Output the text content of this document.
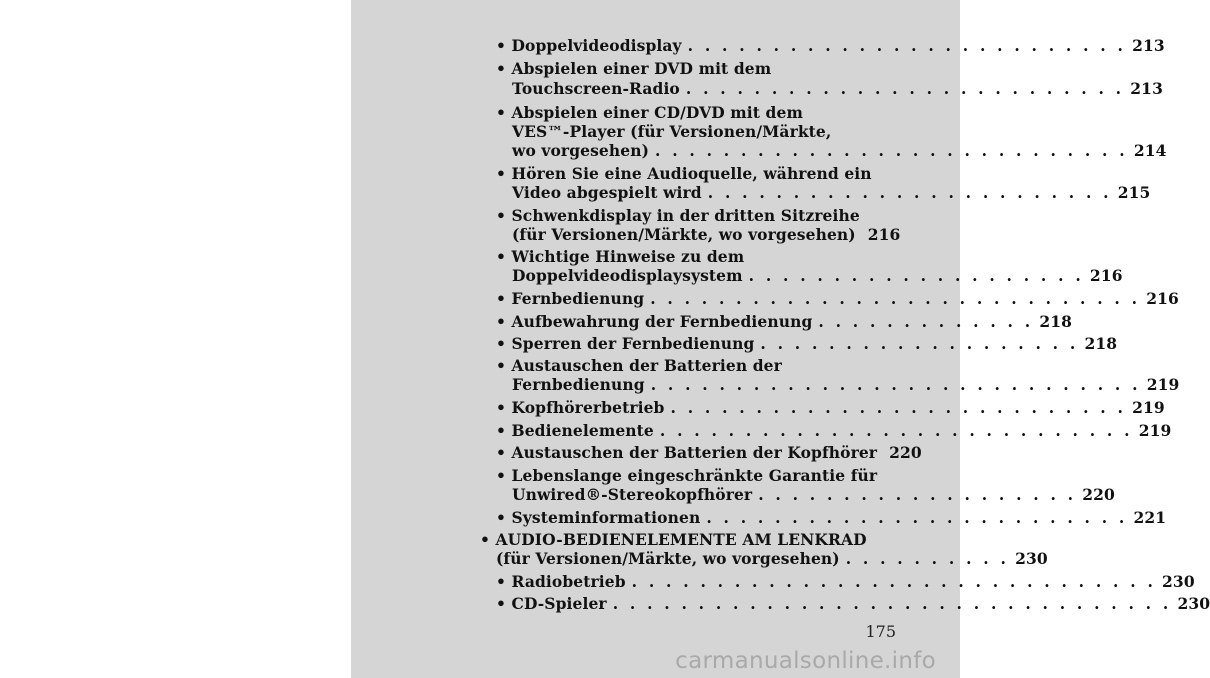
• Doppelvideodisplay . . . . . . . . . . . . . . . . . . . . . . . . . . 213
• Abspielen einer DVD mit dem
Touchscreen-Radio . . . . . . . . . . . . . . . . . . . . . . . . . . 213
• Abspielen einer CD/DVD mit dem
VES™-Player (für Versionen/Märkte,
wo vorgesehen) . . . . . . . . . . . . . . . . . . . . . . . . . . . . 214
• Hören Sie eine Audioquelle, während ein
Video abgespielt wird . . . . . . . . . . . . . . . . . . . . . . . . 215
• Schwenkdisplay in der dritten Sitzreihe
(für Versionen/Märkte, wo vorgesehen) 216
• Wichtige Hinweise zu dem
Doppelvideodisplaysystem . . . . . . . . . . . . . . . . . . . . 216
• Fernbedienung . . . . . . . . . . . . . . . . . . . . . . . . . . . . . 216
• Aufbewahrung der Fernbedienung . . . . . . . . . . . . . 218
• Sperren der Fernbedienung . . . . . . . . . . . . . . . . . . . 218
• Austauschen der Batterien der
Fernbedienung . . . . . . . . . . . . . . . . . . . . . . . . . . . . . 219
• Kopfhörerbetrieb . . . . . . . . . . . . . . . . . . . . . . . . . . . 219
• Bedienelemente . . . . . . . . . . . . . . . . . . . . . . . . . . . . 219
• Austauschen der Batterien der Kopfhörer 220
• Lebenslange eingeschränkte Garantie für
Unwired®-Stereokopfhörer . . . . . . . . . . . . . . . . . . . 220
• Systeminformationen . . . . . . . . . . . . . . . . . . . . . . . . . 221
• AUDIO-BEDIENELEMENTE AM LENKRAD
(für Versionen/Märkte, wo vorgesehen) . . . . . . . . . . 230
• Radiobetrieb . . . . . . . . . . . . . . . . . . . . . . . . . . . . . . . 230
• CD-Spieler . . . . . . . . . . . . . . . . . . . . . . . . . . . . . . . . . 230
175
carmanualsonline.info
